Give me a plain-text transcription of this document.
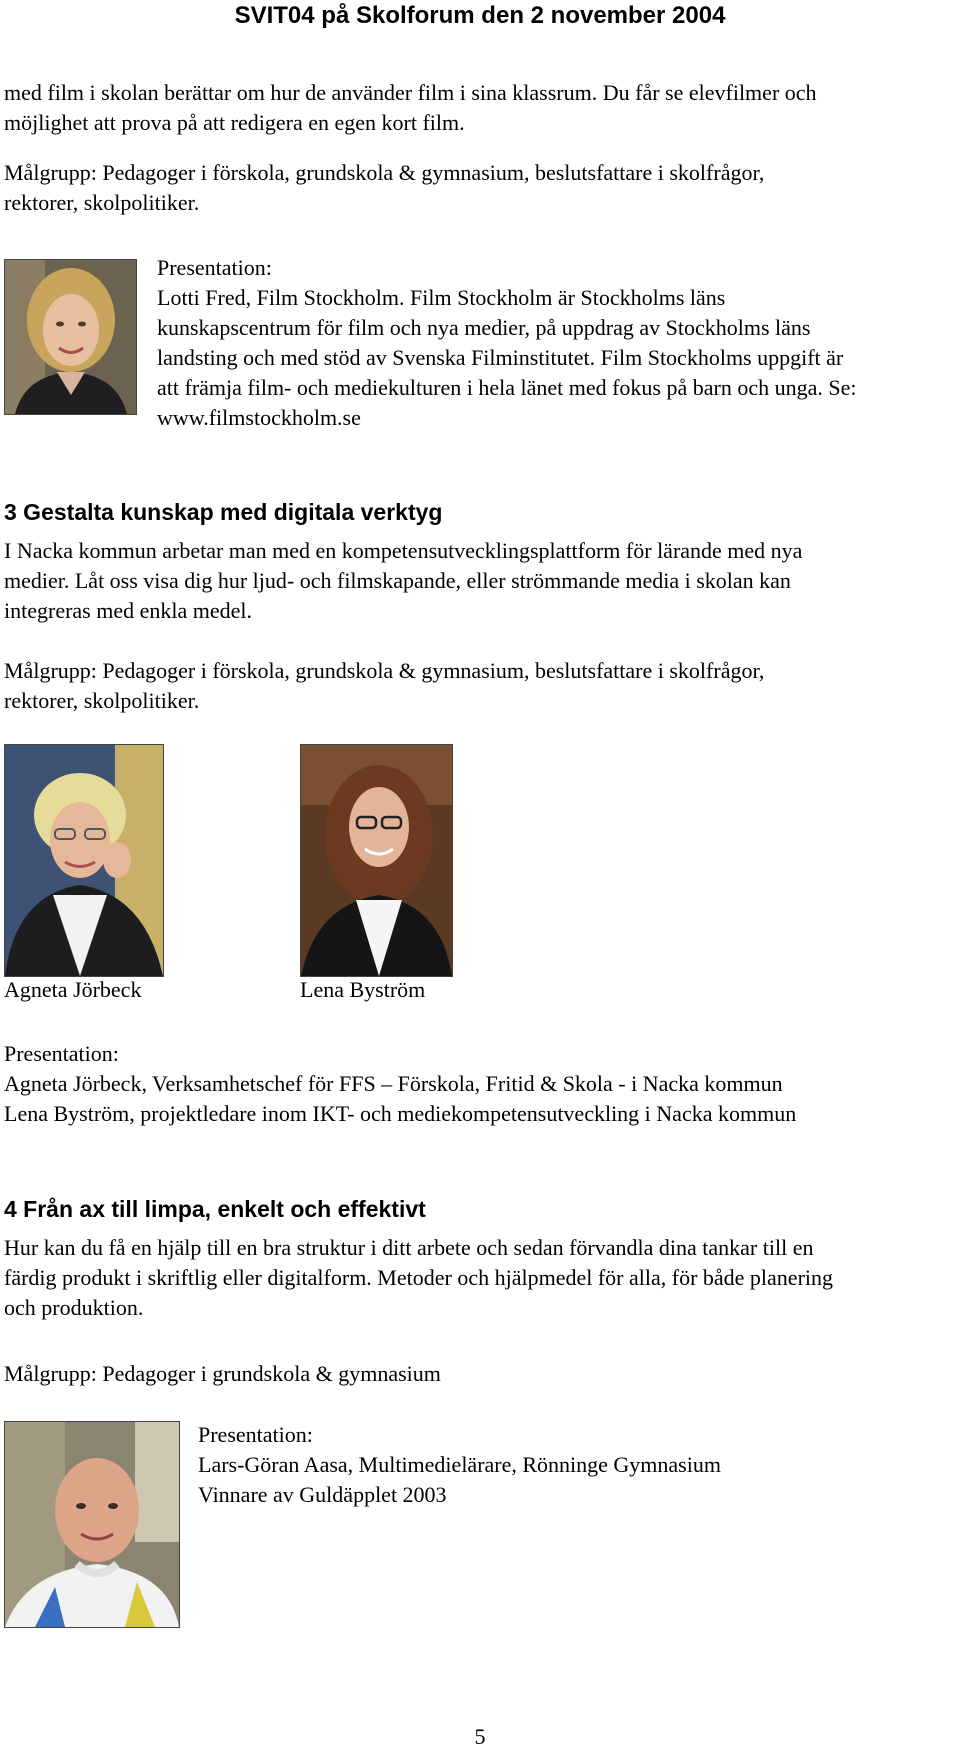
SVIT04 på Skolforum den 2 november 2004
med film i skolan berättar om hur de använder film i sina klassrum. Du får se elevfilmer och
möjlighet att prova på att redigera en egen kort film.
Målgrupp: Pedagoger i förskola, grundskola & gymnasium, beslutsfattare i skolfrågor,
rektorer, skolpolitiker.
Presentation:
Lotti Fred, Film Stockholm. Film Stockholm är Stockholms läns
kunskapscentrum för film och nya medier, på uppdrag av Stockholms läns
landsting och med stöd av Svenska Filminstitutet. Film Stockholms uppgift är
att främja film- och mediekulturen i hela länet med fokus på barn och unga. Se:
www.filmstockholm.se
3 Gestalta kunskap med digitala verktyg
I Nacka kommun arbetar man med en kompetensutvecklingsplattform för lärande med nya
medier. Låt oss visa dig hur ljud- och filmskapande, eller strömmande media i skolan kan
integreras med enkla medel.
Målgrupp: Pedagoger i förskola, grundskola & gymnasium, beslutsfattare i skolfrågor,
rektorer, skolpolitiker.
Agneta Jörbeck	Lena Byström
Presentation:
Agneta Jörbeck, Verksamhetschef för FFS – Förskola, Fritid & Skola - i Nacka kommun
Lena Byström, projektledare inom IKT- och mediekompetensutveckling i Nacka kommun
4 Från ax till limpa, enkelt och effektivt
Hur kan du få en hjälp till en bra struktur i ditt arbete och sedan förvandla dina tankar till en
färdig produkt i skriftlig eller digitalform. Metoder och hjälpmedel för alla, för både planering
och produktion.
Målgrupp: Pedagoger i grundskola & gymnasium
Presentation:
Lars-Göran Aasa, Multimedielärare, Rönninge Gymnasium
Vinnare av Guldäpplet 2003
5
